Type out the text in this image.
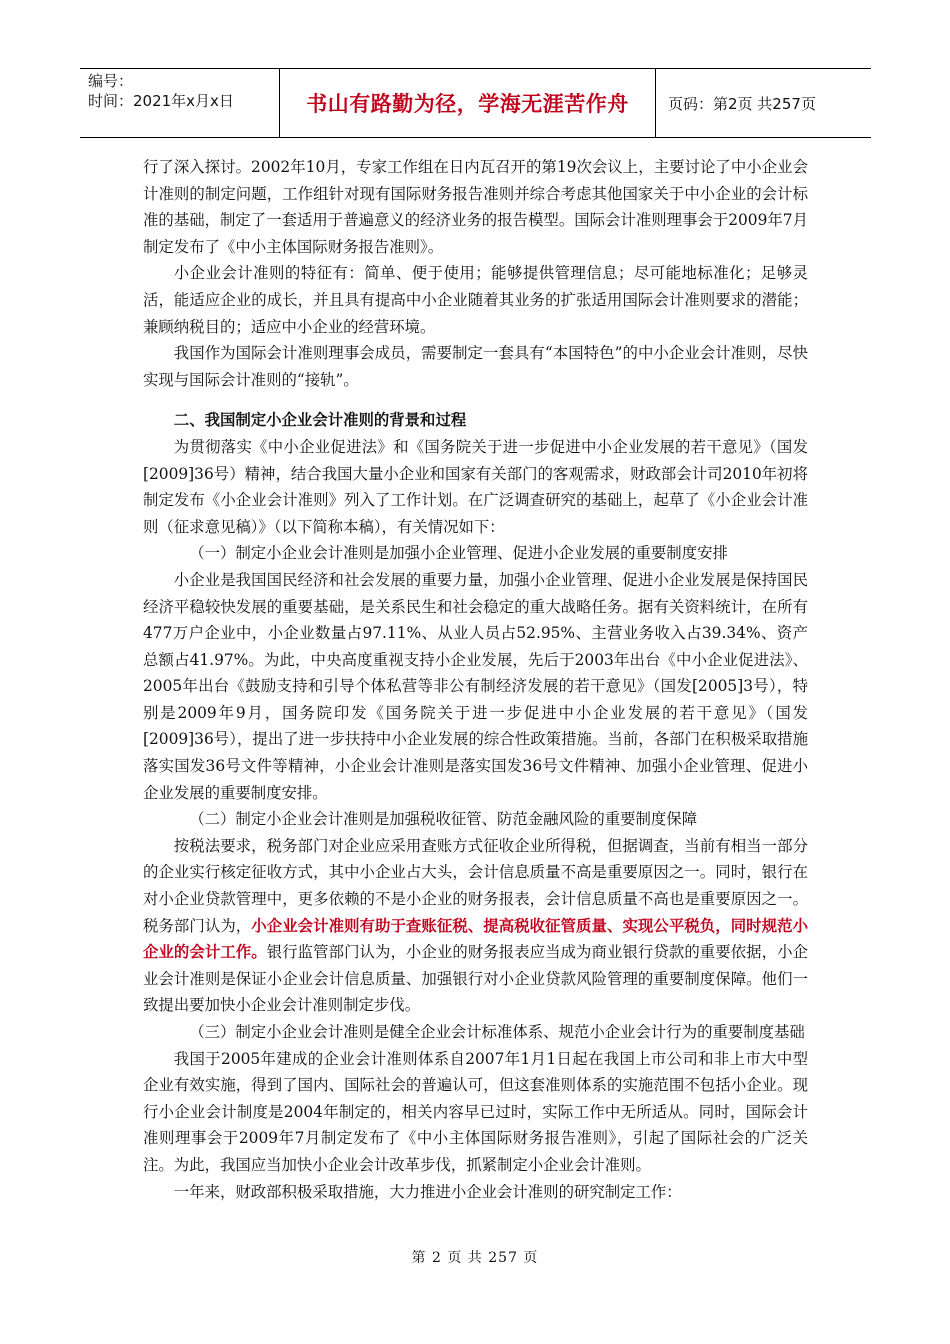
编号：
时间：2021年x月x日	书山有路勤为径，学海无涯苦作舟	页码：第2页 共257页

行了深入探讨。2002年10月，专家工作组在日内瓦召开的第19次会议上，主要讨论了中小企业会计准则的制定问题，工作组针对现有国际财务报告准则并综合考虑其他国家关于中小企业的会计标准的基础，制定了一套适用于普遍意义的经济业务的报告模型。国际会计准则理事会于2009年7月制定发布了《中小主体国际财务报告准则》。

小企业会计准则的特征有：简单、便于使用；能够提供管理信息；尽可能地标准化；足够灵活，能适应企业的成长，并且具有提高中小企业随着其业务的扩张适用国际会计准则要求的潜能；兼顾纳税目的；适应中小企业的经营环境。

我国作为国际会计准则理事会成员，需要制定一套具有“本国特色”的中小企业会计准则，尽快实现与国际会计准则的“接轨”。

二、我国制定小企业会计准则的背景和过程

为贯彻落实《中小企业促进法》和《国务院关于进一步促进中小企业发展的若干意见》（国发[2009]36号）精神，结合我国大量小企业和国家有关部门的客观需求，财政部会计司2010年初将制定发布《小企业会计准则》列入了工作计划。在广泛调查研究的基础上，起草了《小企业会计准则（征求意见稿）》（以下简称本稿），有关情况如下：

（一）制定小企业会计准则是加强小企业管理、促进小企业发展的重要制度安排

小企业是我国国民经济和社会发展的重要力量，加强小企业管理、促进小企业发展是保持国民经济平稳较快发展的重要基础，是关系民生和社会稳定的重大战略任务。据有关资料统计，在所有477万户企业中，小企业数量占97.11%、从业人员占52.95%、主营业务收入占39.34%、资产总额占41.97%。为此，中央高度重视支持小企业发展，先后于2003年出台《中小企业促进法》、2005年出台《鼓励支持和引导个体私营等非公有制经济发展的若干意见》（国发[2005]3号），特别是2009年9月，国务院印发《国务院关于进一步促进中小企业发展的若干意见》（国发[2009]36号），提出了进一步扶持中小企业发展的综合性政策措施。当前，各部门在积极采取措施落实国发36号文件等精神，小企业会计准则是落实国发36号文件精神、加强小企业管理、促进小企业发展的重要制度安排。

（二）制定小企业会计准则是加强税收征管、防范金融风险的重要制度保障

按税法要求，税务部门对企业应采用查账方式征收企业所得税，但据调查，当前有相当一部分的企业实行核定征收方式，其中小企业占大头，会计信息质量不高是重要原因之一。同时，银行在对小企业贷款管理中，更多依赖的不是小企业的财务报表，会计信息质量不高也是重要原因之一。税务部门认为，小企业会计准则有助于查账征税、提高税收征管质量、实现公平税负，同时规范小企业的会计工作。银行监管部门认为，小企业的财务报表应当成为商业银行贷款的重要依据，小企业会计准则是保证小企业会计信息质量、加强银行对小企业贷款风险管理的重要制度保障。他们一致提出要加快小企业会计准则制定步伐。

（三）制定小企业会计准则是健全企业会计标准体系、规范小企业会计行为的重要制度基础

我国于2005年建成的企业会计准则体系自2007年1月1日起在我国上市公司和非上市大中型企业有效实施，得到了国内、国际社会的普遍认可，但这套准则体系的实施范围不包括小企业。现行小企业会计制度是2004年制定的，相关内容早已过时，实际工作中无所适从。同时，国际会计准则理事会于2009年7月制定发布了《中小主体国际财务报告准则》，引起了国际社会的广泛关注。为此，我国应当加快小企业会计改革步伐，抓紧制定小企业会计准则。

一年来，财政部积极采取措施，大力推进小企业会计准则的研究制定工作：

第 2 页 共 257 页
